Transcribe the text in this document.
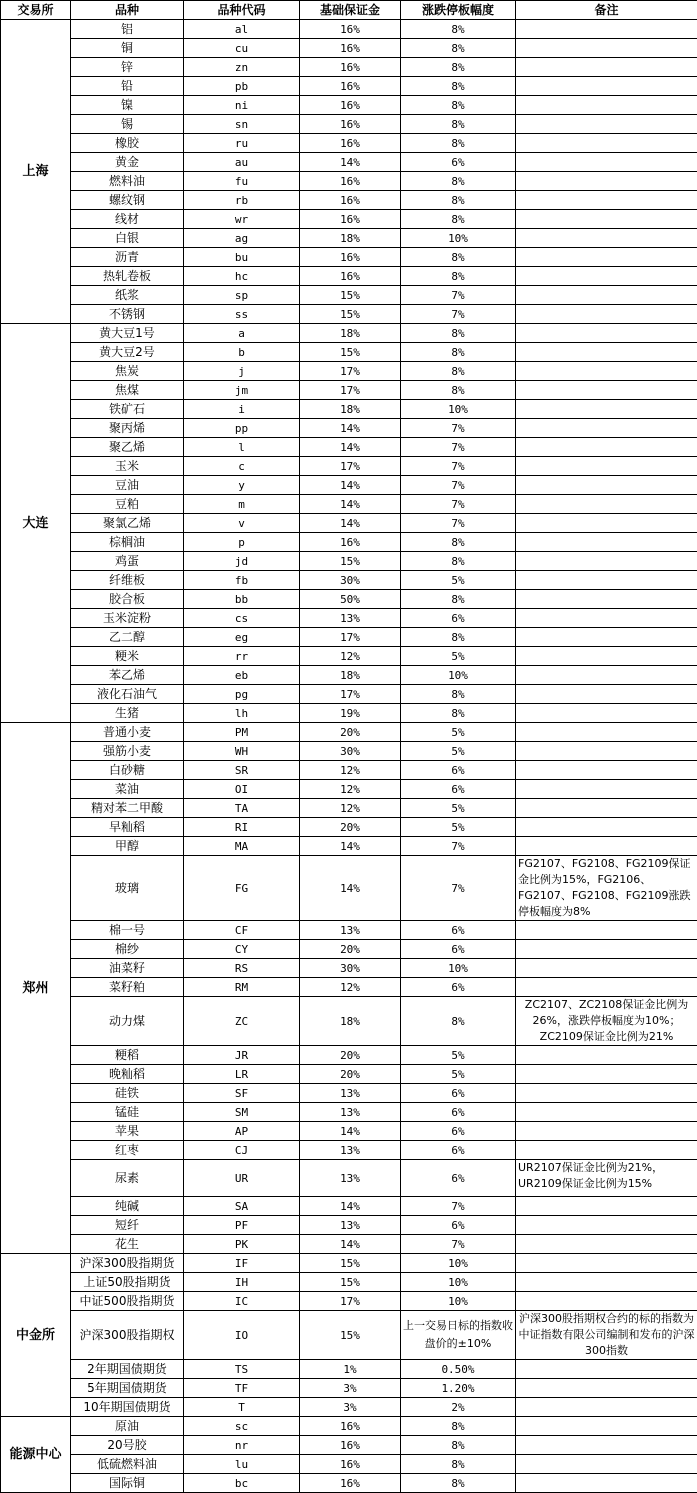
交易所	品种	品种代码	基础保证金	涨跌停板幅度	备注
上海	铝	al	16%	8%	
	铜	cu	16%	8%	
	锌	zn	16%	8%	
	铅	pb	16%	8%	
	镍	ni	16%	8%	
	锡	sn	16%	8%	
	橡胶	ru	16%	8%	
	黄金	au	14%	6%	
	燃料油	fu	16%	8%	
	螺纹钢	rb	16%	8%	
	线材	wr	16%	8%	
	白银	ag	18%	10%	
	沥青	bu	16%	8%	
	热轧卷板	hc	16%	8%	
	纸浆	sp	15%	7%	
	不锈钢	ss	15%	7%	
大连	黄大豆1号	a	18%	8%	
	黄大豆2号	b	15%	8%	
	焦炭	j	17%	8%	
	焦煤	jm	17%	8%	
	铁矿石	i	18%	10%	
	聚丙烯	pp	14%	7%	
	聚乙烯	l	14%	7%	
	玉米	c	17%	7%	
	豆油	y	14%	7%	
	豆粕	m	14%	7%	
	聚氯乙烯	v	14%	7%	
	棕榈油	p	16%	8%	
	鸡蛋	jd	15%	8%	
	纤维板	fb	30%	5%	
	胶合板	bb	50%	8%	
	玉米淀粉	cs	13%	6%	
	乙二醇	eg	17%	8%	
	粳米	rr	12%	5%	
	苯乙烯	eb	18%	10%	
	液化石油气	pg	17%	8%	
	生猪	lh	19%	8%	
郑州	普通小麦	PM	20%	5%	
	强筋小麦	WH	30%	5%	
	白砂糖	SR	12%	6%	
	菜油	OI	12%	6%	
	精对苯二甲酸	TA	12%	5%	
	早籼稻	RI	20%	5%	
	甲醇	MA	14%	7%	
	玻璃	FG	14%	7%	FG2107、FG2108、FG2109保证金比例为15%，FG2106、FG2107、FG2108、FG2109涨跌停板幅度为8%
	棉一号	CF	13%	6%	
	棉纱	CY	20%	6%	
	油菜籽	RS	30%	10%	
	菜籽粕	RM	12%	6%	
	动力煤	ZC	18%	8%	ZC2107、ZC2108保证金比例为26%，涨跌停板幅度为10%；ZC2109保证金比例为21%
	粳稻	JR	20%	5%	
	晚籼稻	LR	20%	5%	
	硅铁	SF	13%	6%	
	锰硅	SM	13%	6%	
	苹果	AP	14%	6%	
	红枣	CJ	13%	6%	
	尿素	UR	13%	6%	UR2107保证金比例为21%，UR2109保证金比例为15%
	纯碱	SA	14%	7%	
	短纤	PF	13%	6%	
	花生	PK	14%	7%	
中金所	沪深300股指期货	IF	15%	10%	
	上证50股指期货	IH	15%	10%	
	中证500股指期货	IC	17%	10%	
	沪深300股指期权	IO	15%	上一交易日标的指数收盘价的±10%	沪深300股指期权合约的标的指数为中证指数有限公司编制和发布的沪深300指数
	2年期国债期货	TS	1%	0.50%	
	5年期国债期货	TF	3%	1.20%	
	10年期国债期货	T	3%	2%	
能源中心	原油	sc	16%	8%	
	20号胶	nr	16%	8%	
	低硫燃料油	lu	16%	8%	
	国际铜	bc	16%	8%	
